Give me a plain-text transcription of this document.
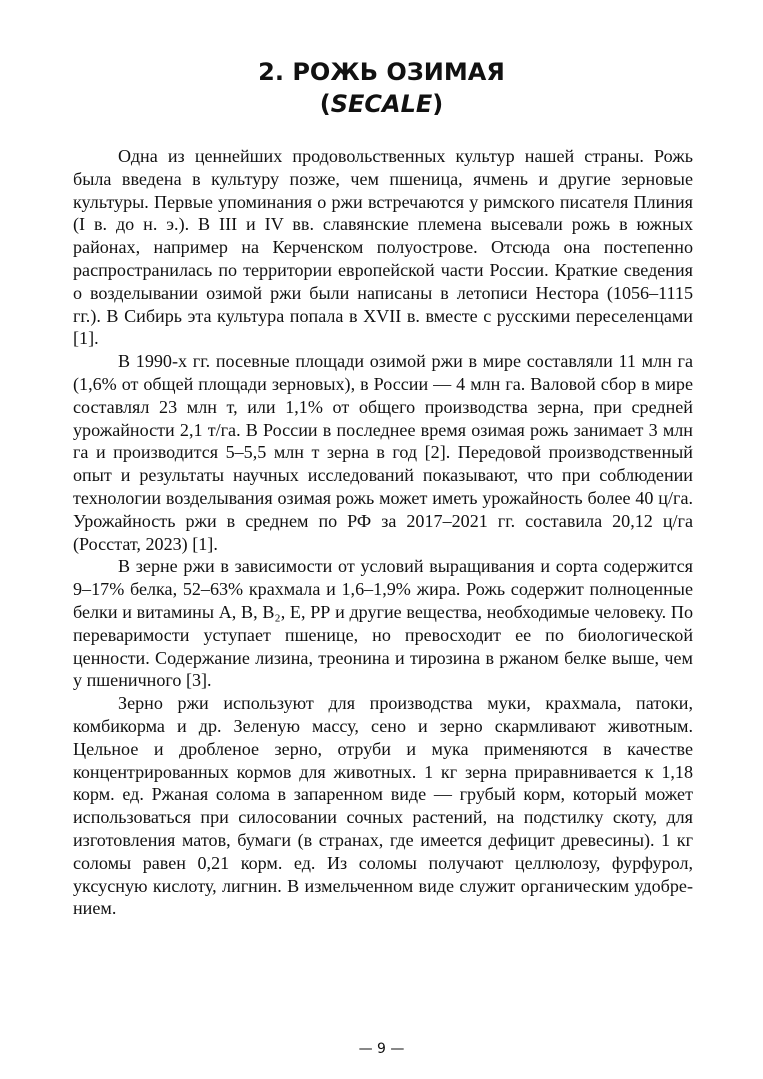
2. РОЖЬ ОЗИМАЯ
(SECALE)

Одна из ценнейших продовольственных культур нашей страны. Рожь была введена в культуру позже, чем пшеница, ячмень и другие зерновые культуры. Первые упоминания о ржи встречаются у римского писателя Плиния (I в. до н. э.). В III и IV вв. славянские племена высевали рожь в южных районах, например на Керченском полуострове. Отсюда она постепенно распространилась по территории европейской части России. Краткие сведения о возделывании озимой ржи были написаны в летописи Нестора (1056–1115 гг.). В Сибирь эта культура попала в XVII в. вместе с русскими переселенцами [1].

В 1990-х гг. посевные площади озимой ржи в мире составляли 11 млн га (1,6% от общей площади зерновых), в России — 4 млн га. Валовой сбор в мире составлял 23 млн т, или 1,1% от общего производства зерна, при средней урожайности 2,1 т/га. В России в последнее время озимая рожь занимает 3 млн га и производится 5–5,5 млн т зерна в год [2]. Передовой производственный опыт и результаты научных исследований показывают, что при соблюдении технологии возделывания озимая рожь может иметь урожайность более 40 ц/га. Урожайность ржи в среднем по РФ за 2017–2021 гг. составила 20,12 ц/га (Росстат, 2023) [1].

В зерне ржи в зависимости от условий выращивания и сорта содержится 9–17% белка, 52–63% крахмала и 1,6–1,9% жира. Рожь содержит полноценные белки и витамины А, В, В₂, Е, РР и другие вещества, необходимые человеку. По переваримости уступает пшенице, но превосходит ее по биологической ценности. Содержание лизина, треонина и тирозина в ржаном белке выше, чем у пшеничного [3].

Зерно ржи используют для производства муки, крахмала, патоки, комбикорма и др. Зеленую массу, сено и зерно скармливают животным. Цельное и дробленое зерно, отруби и мука применяются в качестве концентрированных кормов для животных. 1 кг зерна приравнивается к 1,18 корм. ед. Ржаная солома в запаренном виде — грубый корм, который может использоваться при силосовании сочных растений, на подстилку скоту, для изготовления матов, бумаги (в странах, где имеется дефицит древесины). 1 кг соломы равен 0,21 корм. ед. Из соломы получают целлюлозу, фурфурол, уксусную кислоту, лигнин. В измельченном виде служит органическим удобрением.

— 9 —
